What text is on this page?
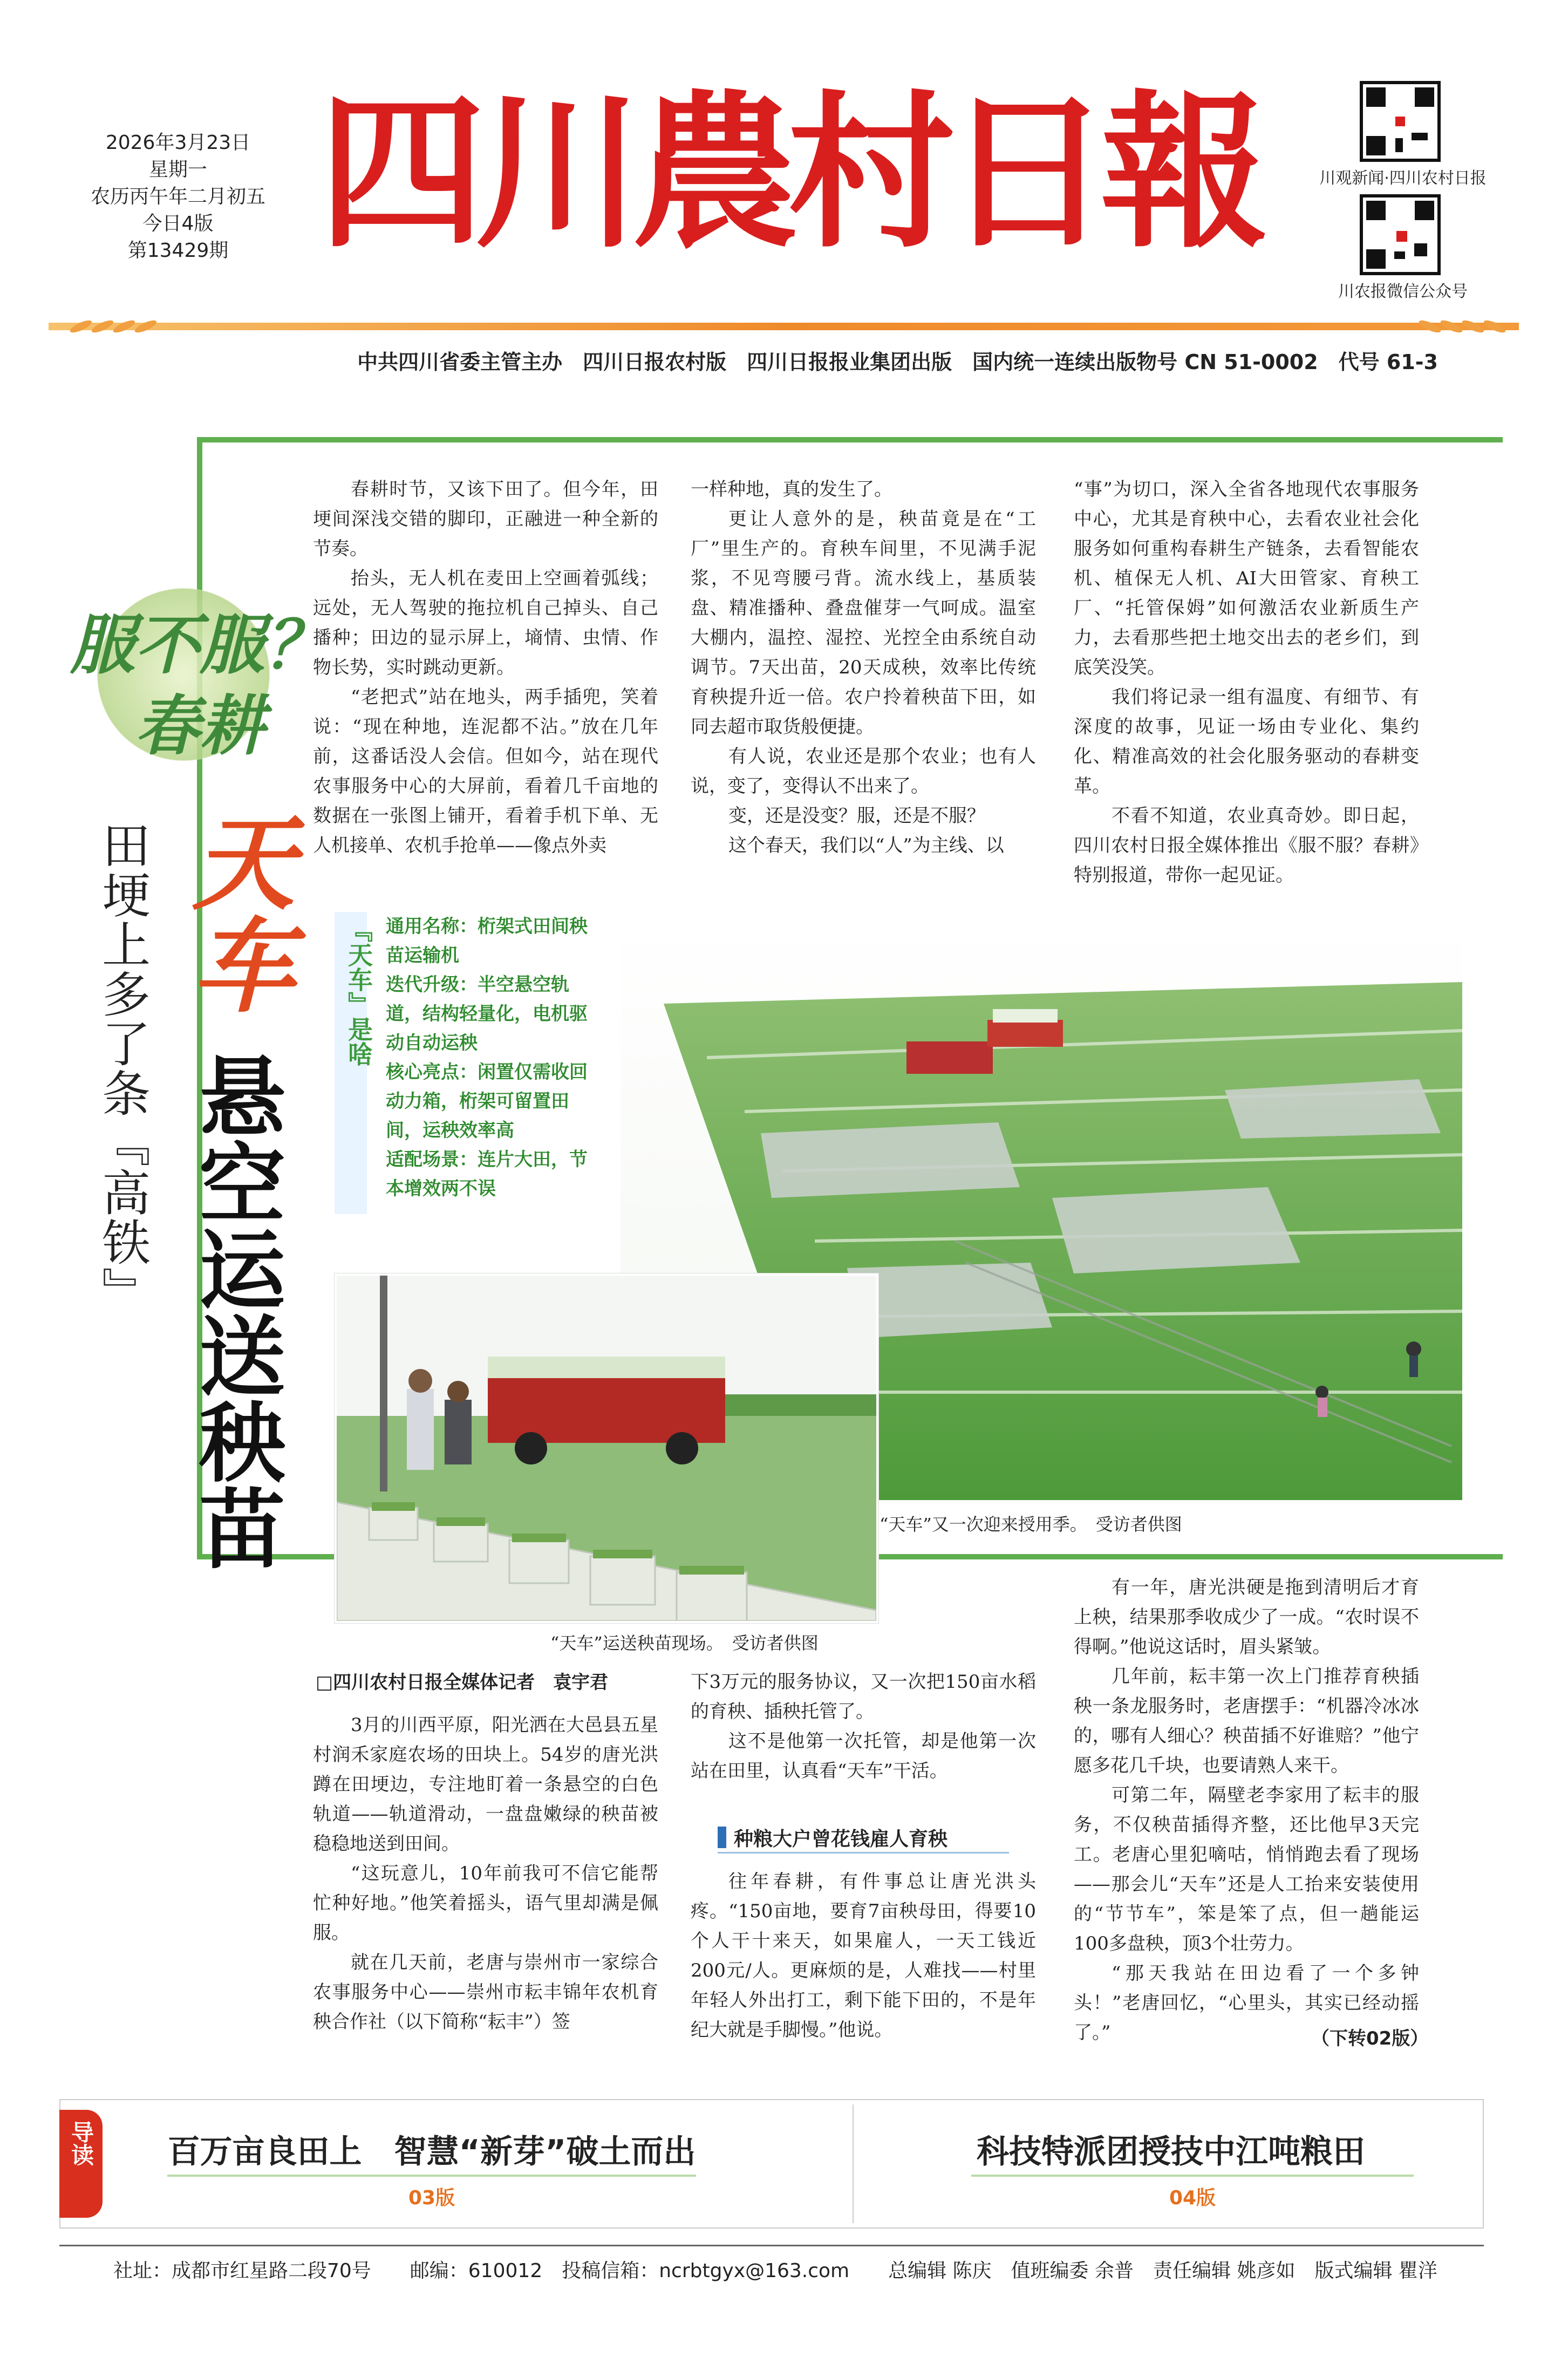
2026年3月23日
星期一
农历丙午年二月初五
今日4版
第13429期 四
川
農
村
日
報	川观新闻·四川农村日报
川农报微信公众号
中共四川省委主管主办　四川日报农村版　四川日报报业集团出版　国内统一连续出版物号 CN 51-0002　代号 61-3
服不服？
春耕

春耕时节，又该下田了。但今年，田埂间深浅交错的脚印，正融进一种全新的节奏。

抬头，无人机在麦田上空画着弧线；远处，无人驾驶的拖拉机自己掉头、自己播种；田边的显示屏上，墒情、虫情、作物长势，实时跳动更新。

“老把式”站在地头，两手插兜，笑着说：“现在种地，连泥都不沾。”放在几年前，这番话没人会信。但如今，站在现代农事服务中心的大屏前，看着几千亩地的数据在一张图上铺开，看着手机下单、无人机接单、农机手抢单——像点外卖

一样种地，真的发生了。

更让人意外的是，秧苗竟是在“工厂”里生产的。育秧车间里，不见满手泥浆，不见弯腰弓背。流水线上，基质装盘、精准播种、叠盘催芽一气呵成。温室大棚内，温控、湿控、光控全由系统自动调节。7天出苗，20天成秧，效率比传统育秧提升近一倍。农户拎着秧苗下田，如同去超市取货般便捷。

有人说，农业还是那个农业；也有人说，变了，变得认不出来了。

变，还是没变？服，还是不服？

这个春天，我们以“人”为主线、以

“事”为切口，深入全省各地现代农事服务中心，尤其是育秧中心，去看农业社会化服务如何重构春耕生产链条，去看智能农机、植保无人机、AI大田管家、育秧工厂、“托管保姆”如何激活农业新质生产力，去看那些把土地交出去的老乡们，到底笑没笑。

我们将记录一组有温度、有细节、有深度的故事，见证一场由专业化、集约化、精准高效的社会化服务驱动的春耕变革。

不看不知道，农业真奇妙。即日起，四川农村日报全媒体推出《服不服？春耕》特别报道，带你一起见证。

田埂上多了条『高铁』 天车
悬空运送秧苗
『天车』是啥 通用名称：桁架式田间秧苗运输机
迭代升级：半空悬空轨道，结构轻量化，电机驱动自动运秧
核心亮点：闲置仅需收回动力箱，桁架可留置田间，运秧效率高
适配场景：连片大田，节本增效两不误
“天车”又一次迎来授用季。　受访者供图
“天车”运送秧苗现场。　受访者供图
□四川农村日报全媒体记者　袁宇君

3月的川西平原，阳光洒在大邑县五星村润禾家庭农场的田块上。54岁的唐光洪蹲在田埂边，专注地盯着一条悬空的白色轨道——轨道滑动，一盘盘嫩绿的秧苗被稳稳地送到田间。

“这玩意儿，10年前我可不信它能帮忙种好地。”他笑着摇头，语气里却满是佩服。

就在几天前，老唐与崇州市一家综合农事服务中心——崇州市耘丰锦年农机育秧合作社（以下简称“耘丰”）签

下3万元的服务协议，又一次把150亩水稻的育秧、插秧托管了。

这不是他第一次托管，却是他第一次站在田里，认真看“天车”干活。

种粮大户曾花钱雇人育秧

往年春耕，有件事总让唐光洪头疼。“150亩地，要育7亩秧母田，得要10个人干十来天，如果雇人，一天工钱近200元/人。更麻烦的是，人难找——村里年轻人外出打工，剩下能下田的，不是年纪大就是手脚慢。”他说。

有一年，唐光洪硬是拖到清明后才育上秧，结果那季收成少了一成。“农时误不得啊。”他说这话时，眉头紧皱。

几年前，耘丰第一次上门推荐育秧插秧一条龙服务时，老唐摆手：“机器冷冰冰的，哪有人细心？秧苗插不好谁赔？”他宁愿多花几千块，也要请熟人来干。

可第二年，隔壁老李家用了耘丰的服务，不仅秧苗插得齐整，还比他早3天完工。老唐心里犯嘀咕，悄悄跑去看了现场——那会儿“天车”还是人工抬来安装使用的“节节车”，笨是笨了点，但一趟能运100多盘秧，顶3个壮劳力。

“那天我站在田边看了一个多钟头！”老唐回忆，“心里头，其实已经动摇了。”	（下转02版）
导读	百万亩良田上　智慧“新芽”破土而出
03版
科技特派团授技中江吨粮田
04版
社址：成都市红星路二段70号　　邮编：610012　投稿信箱：ncrbtgyx@163.com　　总编辑 陈庆　值班编委 余普　责任编辑 姚彦如　版式编辑 瞿洋
